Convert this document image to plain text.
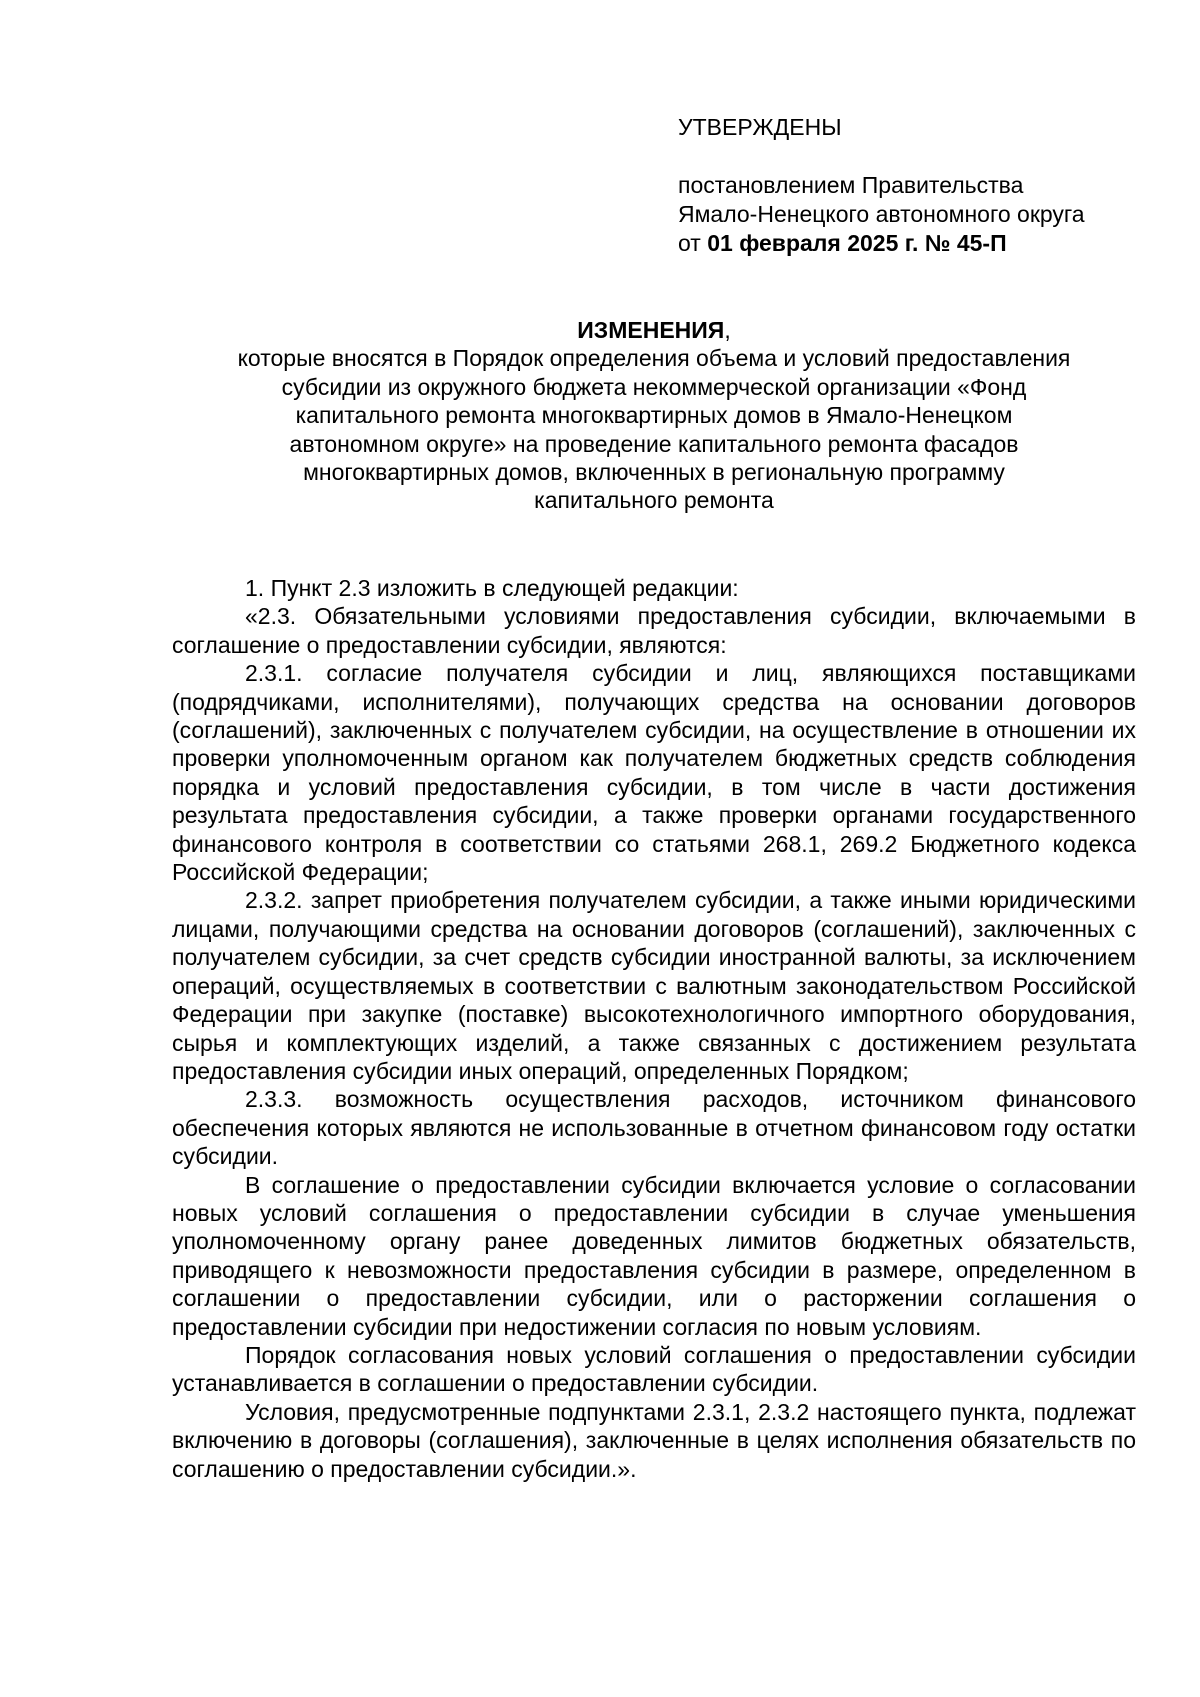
УТВЕРЖДЕНЫ
постановлением Правительства
Ямало-Ненецкого автономного округа
от 01 февраля 2025 г. № 45-П
ИЗМЕНЕНИЯ,
которые вносятся в Порядок определения объема и условий предоставления
субсидии из окружного бюджета некоммерческой организации «Фонд
капитального ремонта многоквартирных домов в Ямало-Ненецком
автономном округе» на проведение капитального ремонта фасадов
многоквартирных домов, включенных в региональную программу
капитального ремонта

1. Пункт 2.3 изложить в следующей редакции:

«2.3. Обязательными условиями предоставления субсидии, включаемыми в соглашение о предоставлении субсидии, являются:

2.3.1. согласие получателя субсидии и лиц, являющихся поставщиками (подрядчиками, исполнителями), получающих средства на основании договоров (соглашений), заключенных с получателем субсидии, на осуществление в отношении их проверки уполномоченным органом как получателем бюджетных средств соблюдения порядка и условий предоставления субсидии, в том числе в части достижения результата предоставления субсидии, а также проверки органами государственного финансового контроля в соответствии со статьями 268.1, 269.2 Бюджетного кодекса Российской Федерации;

2.3.2. запрет приобретения получателем субсидии, а также иными юридическими лицами, получающими средства на основании договоров (соглашений), заключенных с получателем субсидии, за счет средств субсидии иностранной валюты, за исключением операций, осуществляемых в соответствии с валютным законодательством Российской Федерации при закупке (поставке) высокотехнологичного импортного оборудования, сырья и комплектующих изделий, а также связанных с достижением результата предоставления субсидии иных операций, определенных Порядком;

2.3.3. возможность осуществления расходов, источником финансового обеспечения которых являются не использованные в отчетном финансовом году остатки субсидии.

В соглашение о предоставлении субсидии включается условие о согласовании новых условий соглашения о предоставлении субсидии в случае уменьшения уполномоченному органу ранее доведенных лимитов бюджетных обязательств, приводящего к невозможности предоставления субсидии в размере, определенном в соглашении о предоставлении субсидии, или о расторжении соглашения о предоставлении субсидии при недостижении согласия по новым условиям.

Порядок согласования новых условий соглашения о предоставлении субсидии устанавливается в соглашении о предоставлении субсидии.

Условия, предусмотренные подпунктами 2.3.1, 2.3.2 настоящего пункта, подлежат включению в договоры (соглашения), заключенные в целях исполнения обязательств по соглашению о предоставлении субсидии.».
